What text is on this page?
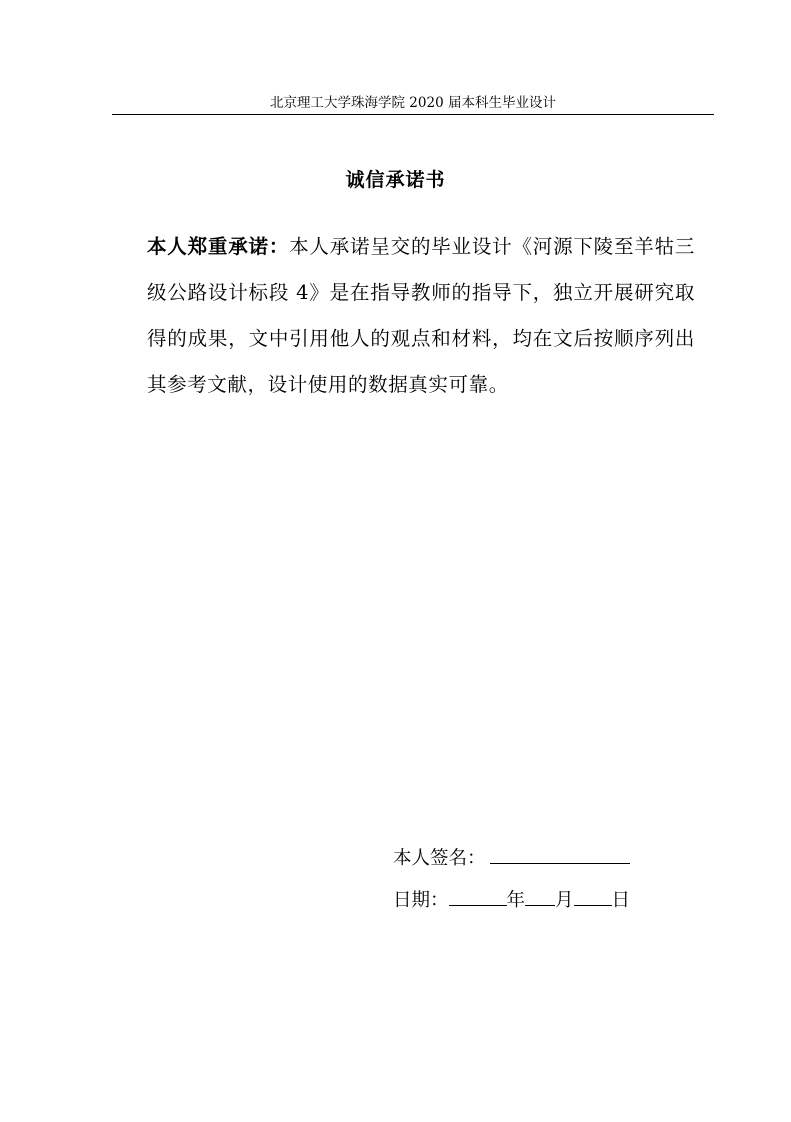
北京理工大学珠海学院 2020 届本科生毕业设计
诚信承诺书

本人郑重承诺：本人承诺呈交的毕业设计《河源下陵至羊牯三级公路设计标段 4》是在指导教师的指导下，独立开展研究取得的成果，文中引用他人的观点和材料，均在文后按顺序列出其参考文献，设计使用的数据真实可靠。

本人签名：
日期：	年 月 日
